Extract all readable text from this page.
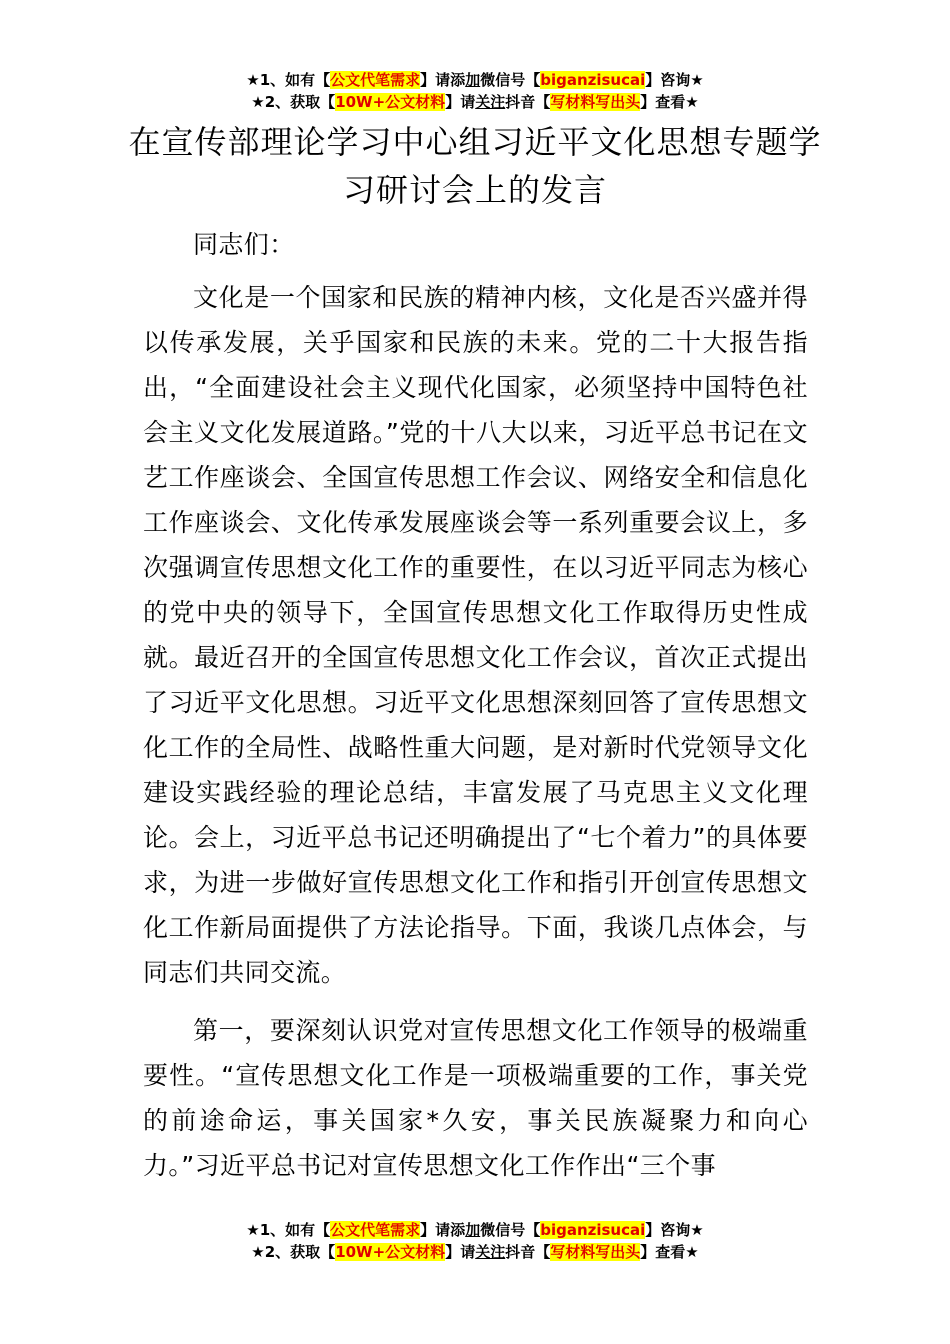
★1、如有【公文代笔需求】请添加微信号【biganzisucai】咨询★
★2、获取【10W+公文材料】请关注抖音【写材料写出头】查看★
在宣传部理论学习中心组习近平文化思想专题学习研讨会上的发言

同志们：

文化是一个国家和民族的精神内核，文化是否兴盛并得以传承发展，关乎国家和民族的未来。党的二十大报告指出，“全面建设社会主义现代化国家，必须坚持中国特色社会主义文化发展道路。”党的十八大以来，习近平总书记在文艺工作座谈会、全国宣传思想工作会议、网络安全和信息化工作座谈会、文化传承发展座谈会等一系列重要会议上，多次强调宣传思想文化工作的重要性，在以习近平同志为核心的党中央的领导下，全国宣传思想文化工作取得历史性成就。最近召开的全国宣传思想文化工作会议，首次正式提出了习近平文化思想。习近平文化思想深刻回答了宣传思想文化工作的全局性、战略性重大问题，是对新时代党领导文化建设实践经验的理论总结，丰富发展了马克思主义文化理论。会上，习近平总书记还明确提出了“七个着力”的具体要求，为进一步做好宣传思想文化工作和指引开创宣传思想文化工作新局面提供了方法论指导。下面，我谈几点体会，与同志们共同交流。

第一，要深刻认识党对宣传思想文化工作领导的极端重要性。“宣传思想文化工作是一项极端重要的工作，事关党的前途命运，事关国家*久安，事关民族凝聚力和向心力。”习近平总书记对宣传思想文化工作作出“三个事

★1、如有【公文代笔需求】请添加微信号【biganzisucai】咨询★
★2、获取【10W+公文材料】请关注抖音【写材料写出头】查看★
